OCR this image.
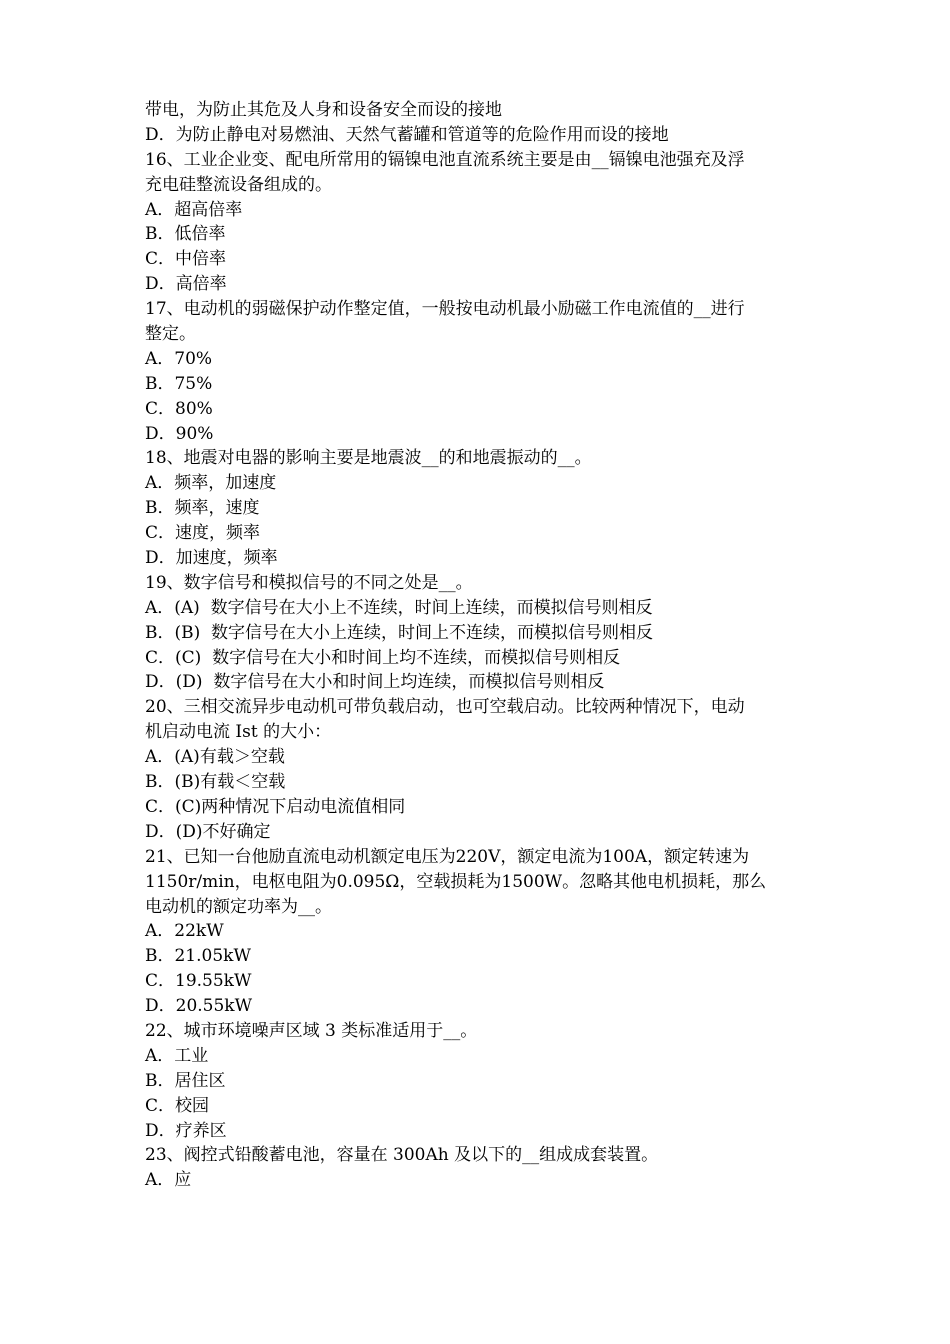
带电，为防止其危及人身和设备安全而设的接地
D．为防止静电对易燃油、天然气蓄罐和管道等的危险作用而设的接地
16、工业企业变、配电所常用的镉镍电池直流系统主要是由__镉镍电池强充及浮
充电硅整流设备组成的。
A．超高倍率
B．低倍率
C．中倍率
D．高倍率
17、电动机的弱磁保护动作整定值，一般按电动机最小励磁工作电流值的__进行
整定。
A．70%
B．75%
C．80%
D．90%
18、地震对电器的影响主要是地震波__的和地震振动的__。
A．频率，加速度
B．频率，速度
C．速度，频率
D．加速度，频率
19、数字信号和模拟信号的不同之处是__。
A．(A)  数字信号在大小上不连续，时间上连续，而模拟信号则相反
B．(B)  数字信号在大小上连续，时间上不连续，而模拟信号则相反
C．(C)  数字信号在大小和时间上均不连续，而模拟信号则相反
D．(D)  数字信号在大小和时间上均连续，而模拟信号则相反
20、三相交流异步电动机可带负载启动，也可空载启动。比较两种情况下，电动
机启动电流 Ist 的大小：
A．(A)有载＞空载
B．(B)有载＜空载
C．(C)两种情况下启动电流值相同
D．(D)不好确定
21、已知一台他励直流电动机额定电压为220V，额定电流为100A，额定转速为
1150r/min，电枢电阻为0.095Ω，空载损耗为1500W。忽略其他电机损耗，那么
电动机的额定功率为__。
A．22kW
B．21.05kW
C．19.55kW
D．20.55kW
22、城市环境噪声区域 3 类标准适用于__。
A．工业
B．居住区
C．校园
D．疗养区
23、阀控式铅酸蓄电池，容量在 300Ah 及以下的__组成成套装置。
A．应
